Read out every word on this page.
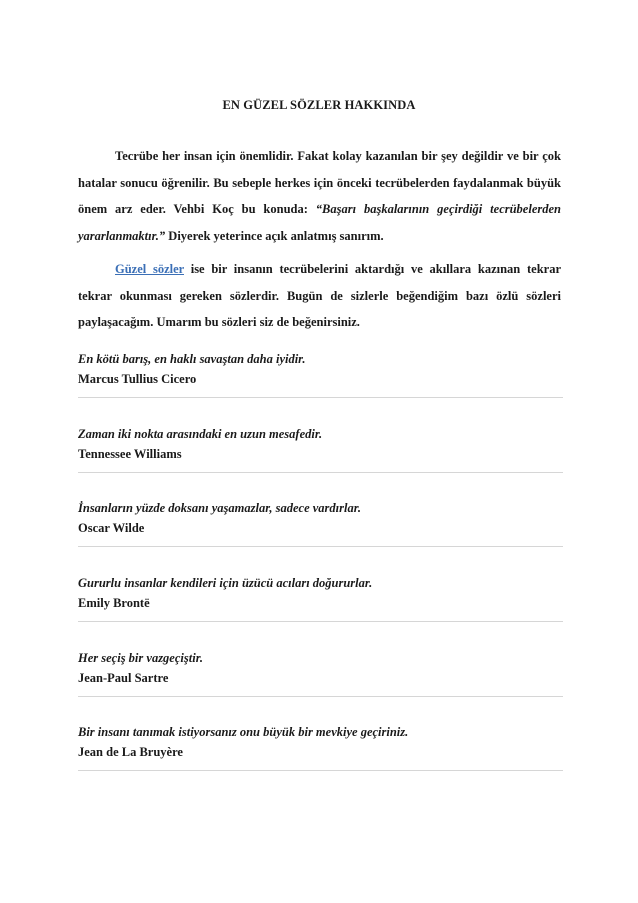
EN GÜZEL SÖZLER HAKKINDA
Tecrübe her insan için önemlidir. Fakat kolay kazanılan bir şey değildir ve bir çok hatalar sonucu öğrenilir. Bu sebeple herkes için önceki tecrübelerden faydalanmak büyük önem arz eder. Vehbi Koç bu konuda: “Başarı başkalarının geçirdiği tecrübelerden yararlanmaktır.” Diyerek yeterince açık anlatmış sanırım.
Güzel sözler ise bir insanın tecrübelerini aktardığı ve akıllara kazınan tekrar tekrar okunması gereken sözlerdir. Bugün de sizlerle beğendiğim bazı özlü sözleri paylaşacağım. Umarım bu sözleri siz de beğenirsiniz.
En kötü barış, en haklı savaştan daha iyidir.
Marcus Tullius Cicero
Zaman iki nokta arasındaki en uzun mesafedir.
Tennessee Williams
İnsanların yüzde doksanı yaşamazlar, sadece vardırlar.
Oscar Wilde
Gururlu insanlar kendileri için üzücü acıları doğururlar.
Emily Brontë
Her seçiş bir vazgeçiştir.
Jean-Paul Sartre
Bir insanı tanımak istiyorsanız onu büyük bir mevkiye geçiriniz.
Jean de La Bruyère
